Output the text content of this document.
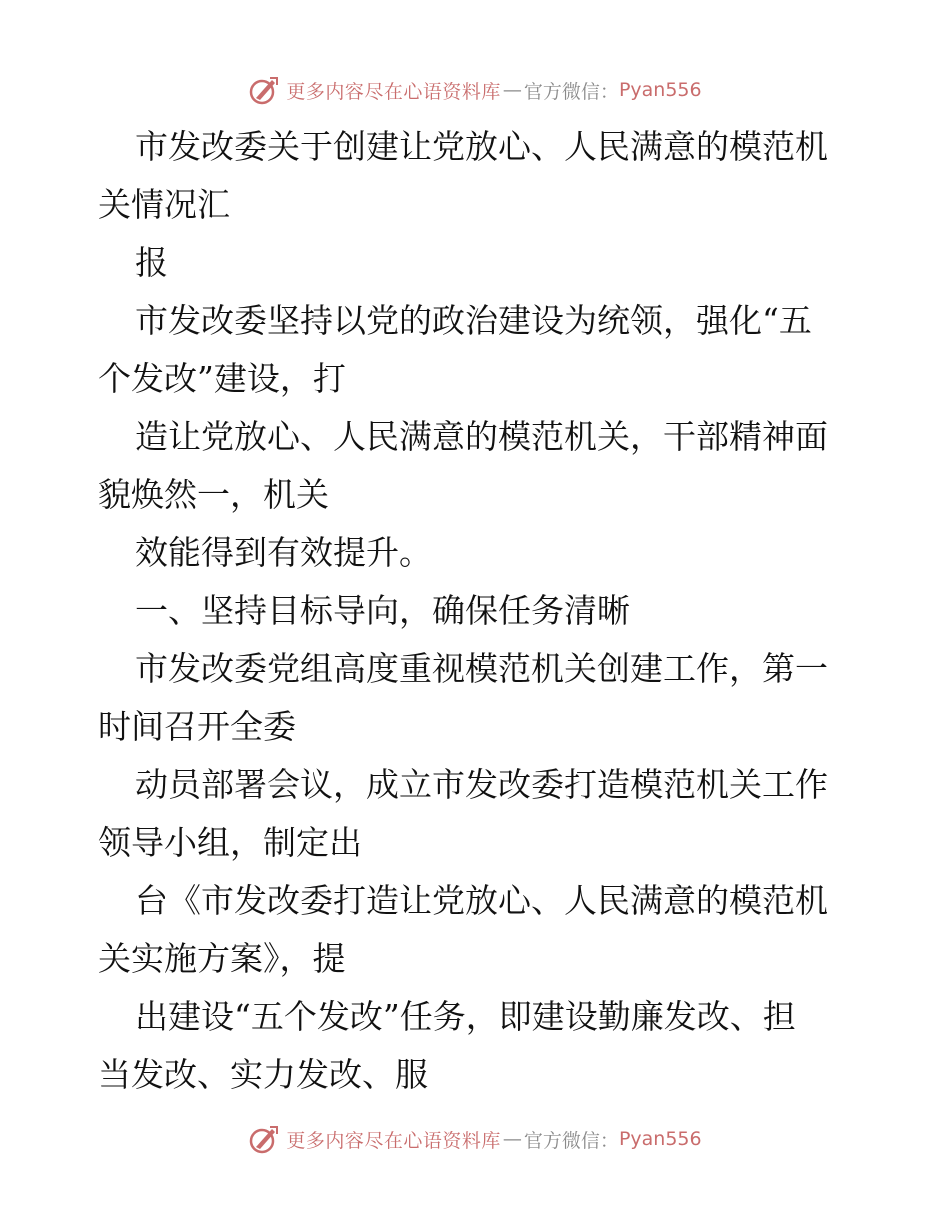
更多内容尽在心语资料库 — 官方微信： Pyan556
市发改委关于创建让党放心、人民满意的模范机
关情况汇
报
市发改委坚持以党的政治建设为统领，强化“五
个发改”建设，打
造让党放心、人民满意的模范机关，干部精神面
貌焕然一，机关
效能得到有效提升。
一、坚持目标导向，确保任务清晰
市发改委党组高度重视模范机关创建工作，第一
时间召开全委
动员部署会议，成立市发改委打造模范机关工作
领导小组，制定出
台《市发改委打造让党放心、人民满意的模范机
关实施方案》，提
出建设“五个发改”任务，即建设勤廉发改、担
当发改、实力发改、服
更多内容尽在心语资料库 — 官方微信： Pyan556
